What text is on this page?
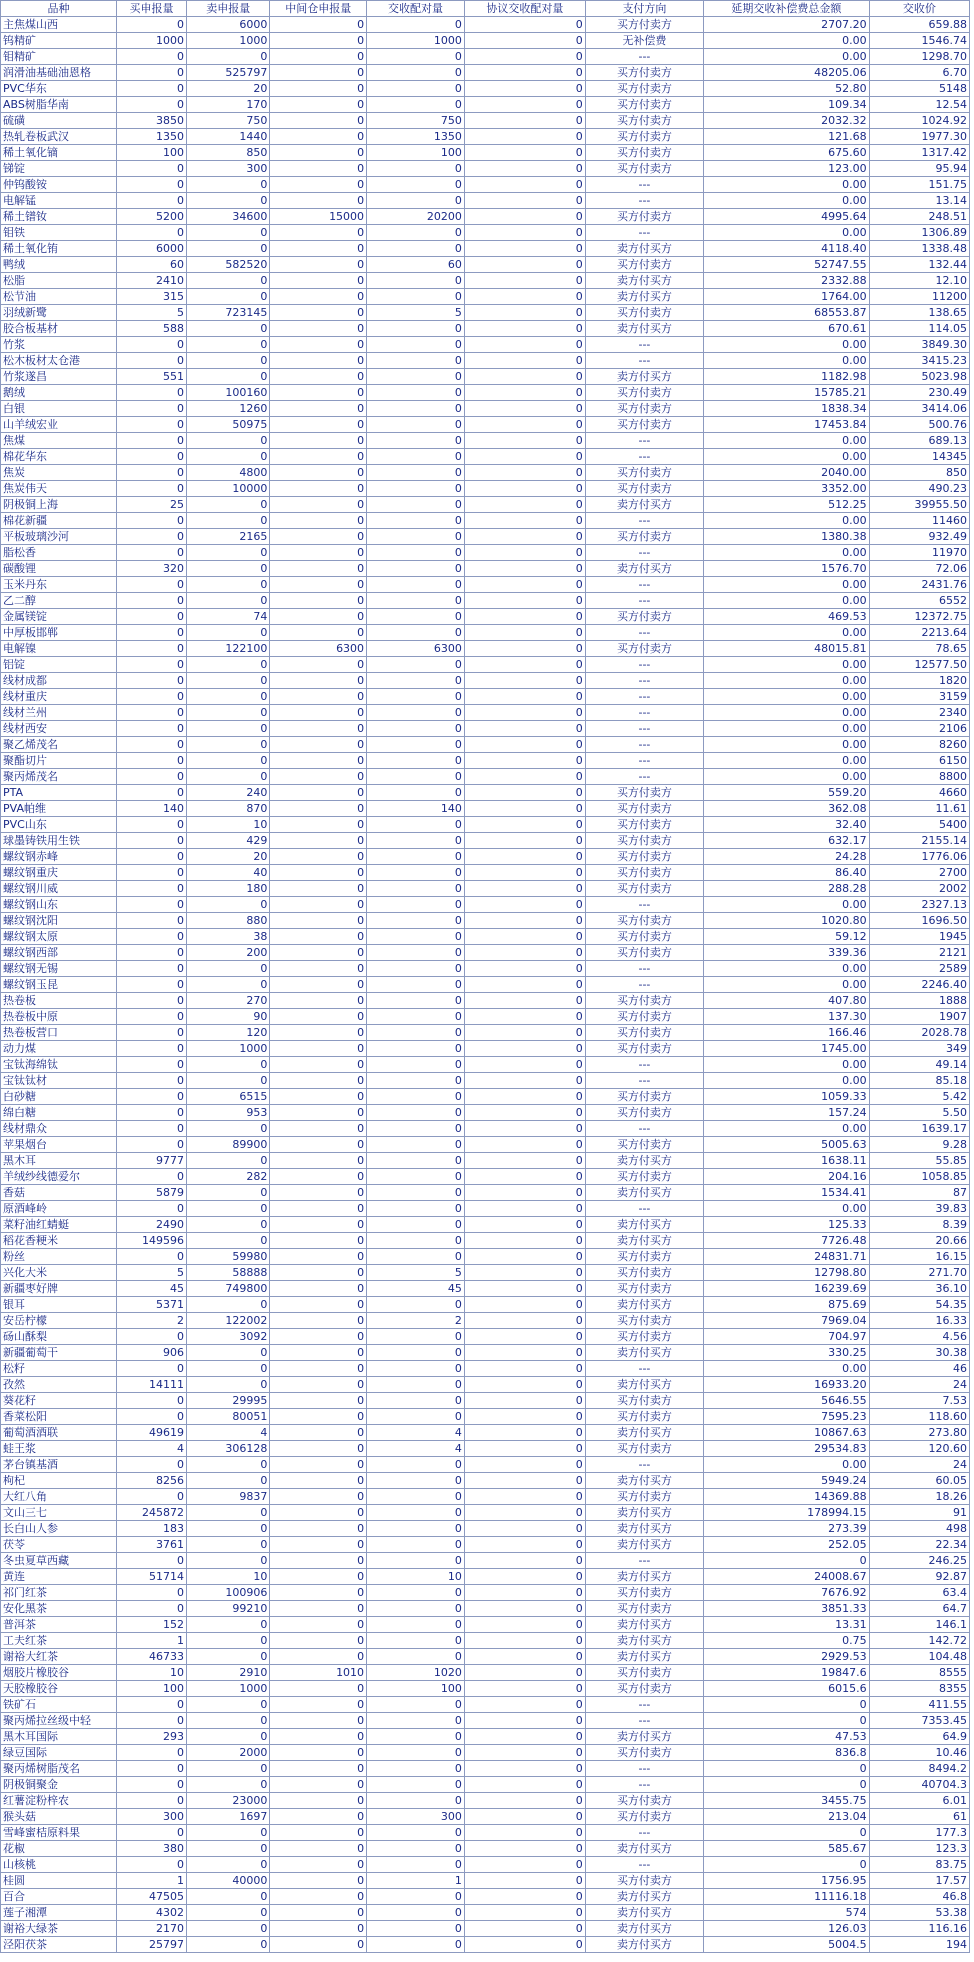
品种	买申报量	卖申报量	中间仓申报量	交收配对量	协议交收配对量	支付方向	延期交收补偿费总金额	交收价
主焦煤山西	0	6000	0	0	0	买方付卖方	2707.20	659.88
钨精矿	1000	1000	0	1000	0	无补偿费	0.00	1546.74
钼精矿	0	0	0	0	0	---	0.00	1298.70
润滑油基础油恩格	0	525797	0	0	0	买方付卖方	48205.06	6.70
PVC华东	0	20	0	0	0	买方付卖方	52.80	5148
ABS树脂华南	0	170	0	0	0	买方付卖方	109.34	12.54
硫磺	3850	750	0	750	0	买方付卖方	2032.32	1024.92
热轧卷板武汉	1350	1440	0	1350	0	买方付卖方	121.68	1977.30
稀土氧化镝	100	850	0	100	0	买方付卖方	675.60	1317.42
锑锭	0	300	0	0	0	买方付卖方	123.00	95.94
仲钨酸铵	0	0	0	0	0	---	0.00	151.75
电解锰	0	0	0	0	0	---	0.00	13.14
稀土镨钕	5200	34600	15000	20200	0	买方付卖方	4995.64	248.51
钼铁	0	0	0	0	0	---	0.00	1306.89
稀土氧化铕	6000	0	0	0	0	卖方付买方	4118.40	1338.48
鸭绒	60	582520	0	60	0	买方付卖方	52747.55	132.44
松脂	2410	0	0	0	0	卖方付买方	2332.88	12.10
松节油	315	0	0	0	0	卖方付买方	1764.00	11200
羽绒新鹭	5	723145	0	5	0	买方付卖方	68553.87	138.65
胶合板基材	588	0	0	0	0	卖方付买方	670.61	114.05
竹浆	0	0	0	0	0	---	0.00	3849.30
松木板材太仓港	0	0	0	0	0	---	0.00	3415.23
竹浆遂昌	551	0	0	0	0	卖方付买方	1182.98	5023.98
鹅绒	0	100160	0	0	0	买方付卖方	15785.21	230.49
白银	0	1260	0	0	0	买方付卖方	1838.34	3414.06
山羊绒宏业	0	50975	0	0	0	买方付卖方	17453.84	500.76
焦煤	0	0	0	0	0	---	0.00	689.13
棉花华东	0	0	0	0	0	---	0.00	14345
焦炭	0	4800	0	0	0	买方付卖方	2040.00	850
焦炭伟天	0	10000	0	0	0	买方付卖方	3352.00	490.23
阴极铜上海	25	0	0	0	0	卖方付买方	512.25	39955.50
棉花新疆	0	0	0	0	0	---	0.00	11460
平板玻璃沙河	0	2165	0	0	0	买方付卖方	1380.38	932.49
脂松香	0	0	0	0	0	---	0.00	11970
碳酸锂	320	0	0	0	0	卖方付买方	1576.70	72.06
玉米丹东	0	0	0	0	0	---	0.00	2431.76
乙二醇	0	0	0	0	0	---	0.00	6552
金属镁锭	0	74	0	0	0	买方付卖方	469.53	12372.75
中厚板邯郸	0	0	0	0	0	---	0.00	2213.64
电解镍	0	122100	6300	6300	0	买方付卖方	48015.81	78.65
铝锭	0	0	0	0	0	---	0.00	12577.50
线材成都	0	0	0	0	0	---	0.00	1820
线材重庆	0	0	0	0	0	---	0.00	3159
线材兰州	0	0	0	0	0	---	0.00	2340
线材西安	0	0	0	0	0	---	0.00	2106
聚乙烯茂名	0	0	0	0	0	---	0.00	8260
聚酯切片	0	0	0	0	0	---	0.00	6150
聚丙烯茂名	0	0	0	0	0	---	0.00	8800
PTA	0	240	0	0	0	买方付卖方	559.20	4660
PVA帕维	140	870	0	140	0	买方付卖方	362.08	11.61
PVC山东	0	10	0	0	0	买方付卖方	32.40	5400
球墨铸铁用生铁	0	429	0	0	0	买方付卖方	632.17	2155.14
螺纹钢赤峰	0	20	0	0	0	买方付卖方	24.28	1776.06
螺纹钢重庆	0	40	0	0	0	买方付卖方	86.40	2700
螺纹钢川威	0	180	0	0	0	买方付卖方	288.28	2002
螺纹钢山东	0	0	0	0	0	---	0.00	2327.13
螺纹钢沈阳	0	880	0	0	0	买方付卖方	1020.80	1696.50
螺纹钢太原	0	38	0	0	0	买方付卖方	59.12	1945
螺纹钢西部	0	200	0	0	0	买方付卖方	339.36	2121
螺纹钢无锡	0	0	0	0	0	---	0.00	2589
螺纹钢玉昆	0	0	0	0	0	---	0.00	2246.40
热卷板	0	270	0	0	0	买方付卖方	407.80	1888
热卷板中原	0	90	0	0	0	买方付卖方	137.30	1907
热卷板营口	0	120	0	0	0	买方付卖方	166.46	2028.78
动力煤	0	1000	0	0	0	买方付卖方	1745.00	349
宝钛海绵钛	0	0	0	0	0	---	0.00	49.14
宝钛钛材	0	0	0	0	0	---	0.00	85.18
白砂糖	0	6515	0	0	0	买方付卖方	1059.33	5.42
绵白糖	0	953	0	0	0	买方付卖方	157.24	5.50
线材鼎众	0	0	0	0	0	---	0.00	1639.17
苹果烟台	0	89900	0	0	0	买方付卖方	5005.63	9.28
黑木耳	9777	0	0	0	0	卖方付买方	1638.11	55.85
羊绒纱线德爱尔	0	282	0	0	0	买方付卖方	204.16	1058.85
香菇	5879	0	0	0	0	卖方付买方	1534.41	87
原酒峰岭	0	0	0	0	0	---	0.00	39.83
菜籽油红蜻蜓	2490	0	0	0	0	卖方付买方	125.33	8.39
稻花香粳米	149596	0	0	0	0	卖方付买方	7726.48	20.66
粉丝	0	59980	0	0	0	买方付卖方	24831.71	16.15
兴化大米	5	58888	0	5	0	买方付卖方	12798.80	271.70
新疆枣好牌	45	749800	0	45	0	买方付卖方	16239.69	36.10
银耳	5371	0	0	0	0	卖方付买方	875.69	54.35
安岳柠檬	2	122002	0	2	0	买方付卖方	7969.04	16.33
砀山酥梨	0	3092	0	0	0	买方付卖方	704.97	4.56
新疆葡萄干	906	0	0	0	0	卖方付买方	330.25	30.38
松籽	0	0	0	0	0	---	0.00	46
孜然	14111	0	0	0	0	卖方付买方	16933.20	24
葵花籽	0	29995	0	0	0	买方付卖方	5646.55	7.53
香菜松阳	0	80051	0	0	0	买方付卖方	7595.23	118.60
葡萄酒酒联	49619	4	0	4	0	卖方付买方	10867.63	273.80
蛙王浆	4	306128	0	4	0	买方付卖方	29534.83	120.60
茅台镇基酒	0	0	0	0	0	---	0.00	24
枸杞	8256	0	0	0	0	卖方付买方	5949.24	60.05
大红八角	0	9837	0	0	0	买方付卖方	14369.88	18.26
文山三七	245872	0	0	0	0	卖方付买方	178994.15	91
长白山人参	183	0	0	0	0	卖方付买方	273.39	498
茯苓	3761	0	0	0	0	卖方付买方	252.05	22.34
冬虫夏草西藏	0	0	0	0	0	---	0	246.25
黄连	51714	10	0	10	0	卖方付买方	24008.67	92.87
祁门红茶	0	100906	0	0	0	买方付卖方	7676.92	63.4
安化黑茶	0	99210	0	0	0	买方付卖方	3851.33	64.7
普洱茶	152	0	0	0	0	卖方付买方	13.31	146.1
工夫红茶	1	0	0	0	0	卖方付买方	0.75	142.72
谢裕大红茶	46733	0	0	0	0	卖方付买方	2929.53	104.48
烟胶片橡胶谷	10	2910	1010	1020	0	买方付卖方	19847.6	8555
天胶橡胶谷	100	1000	0	100	0	买方付卖方	6015.6	8355
铁矿石	0	0	0	0	0	---	0	411.55
聚丙烯拉丝级中轻	0	0	0	0	0	---	0	7353.45
黑木耳国际	293	0	0	0	0	卖方付买方	47.53	64.9
绿豆国际	0	2000	0	0	0	买方付卖方	836.8	10.46
聚丙烯树脂茂名	0	0	0	0	0	---	0	8494.2
阴极铜聚金	0	0	0	0	0	---	0	40704.3
红薯淀粉梓农	0	23000	0	0	0	买方付卖方	3455.75	6.01
猴头菇	300	1697	0	300	0	买方付卖方	213.04	61
雪峰蜜桔原料果	0	0	0	0	0	---	0	177.3
花椒	380	0	0	0	0	卖方付买方	585.67	123.3
山核桃	0	0	0	0	0	---	0	83.75
桂圆	1	40000	0	1	0	买方付卖方	1756.95	17.57
百合	47505	0	0	0	0	卖方付买方	11116.18	46.8
莲子湘潭	4302	0	0	0	0	卖方付买方	574	53.38
谢裕大绿茶	2170	0	0	0	0	卖方付买方	126.03	116.16
泾阳茯茶	25797	0	0	0	0	卖方付买方	5004.5	194
